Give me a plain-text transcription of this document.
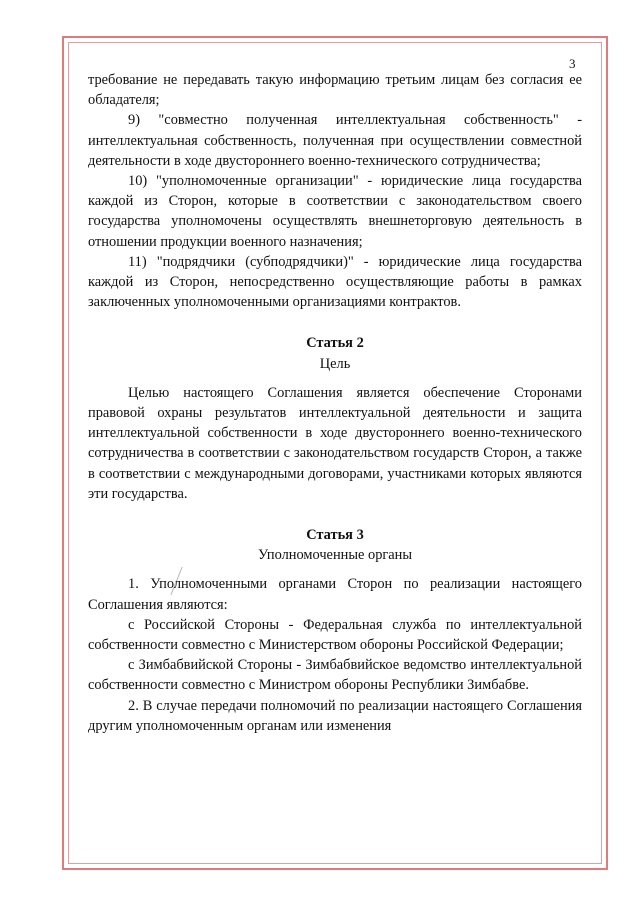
3

требование не передавать такую информацию третьим лицам без согласия ее обладателя;

9) "совместно полученная интеллектуальная собственность" - интеллектуальная собственность, полученная при осуществлении совместной деятельности в ходе двустороннего военно-технического сотрудничества;

10) "уполномоченные организации" - юридические лица государства каждой из Сторон, которые в соответствии с законодательством своего государства уполномочены осуществлять внешнеторговую деятельность в отношении продукции военного назначения;

11) "подрядчики (субподрядчики)" - юридические лица государства каждой из Сторон, непосредственно осуществляющие работы в рамках заключенных уполномоченными организациями контрактов.

Статья 2

Цель

Целью настоящего Соглашения является обеспечение Сторонами правовой охраны результатов интеллектуальной деятельности и защита интеллектуальной собственности в ходе двустороннего военно-технического сотрудничества в соответствии с законодательством государств Сторон, а также в соответствии с международными договорами, участниками которых являются эти государства.

Статья 3

Уполномоченные органы

1. Уполномоченными органами Сторон по реализации настоящего Соглашения являются:

с Российской Стороны - Федеральная служба по интеллектуальной собственности совместно с Министерством обороны Российской Федерации;

с Зимбабвийской Стороны - Зимбабвийское ведомство интеллектуальной собственности совместно с Министром обороны Республики Зимбабве.

2. В случае передачи полномочий по реализации настоящего Соглашения другим уполномоченным органам или изменения
